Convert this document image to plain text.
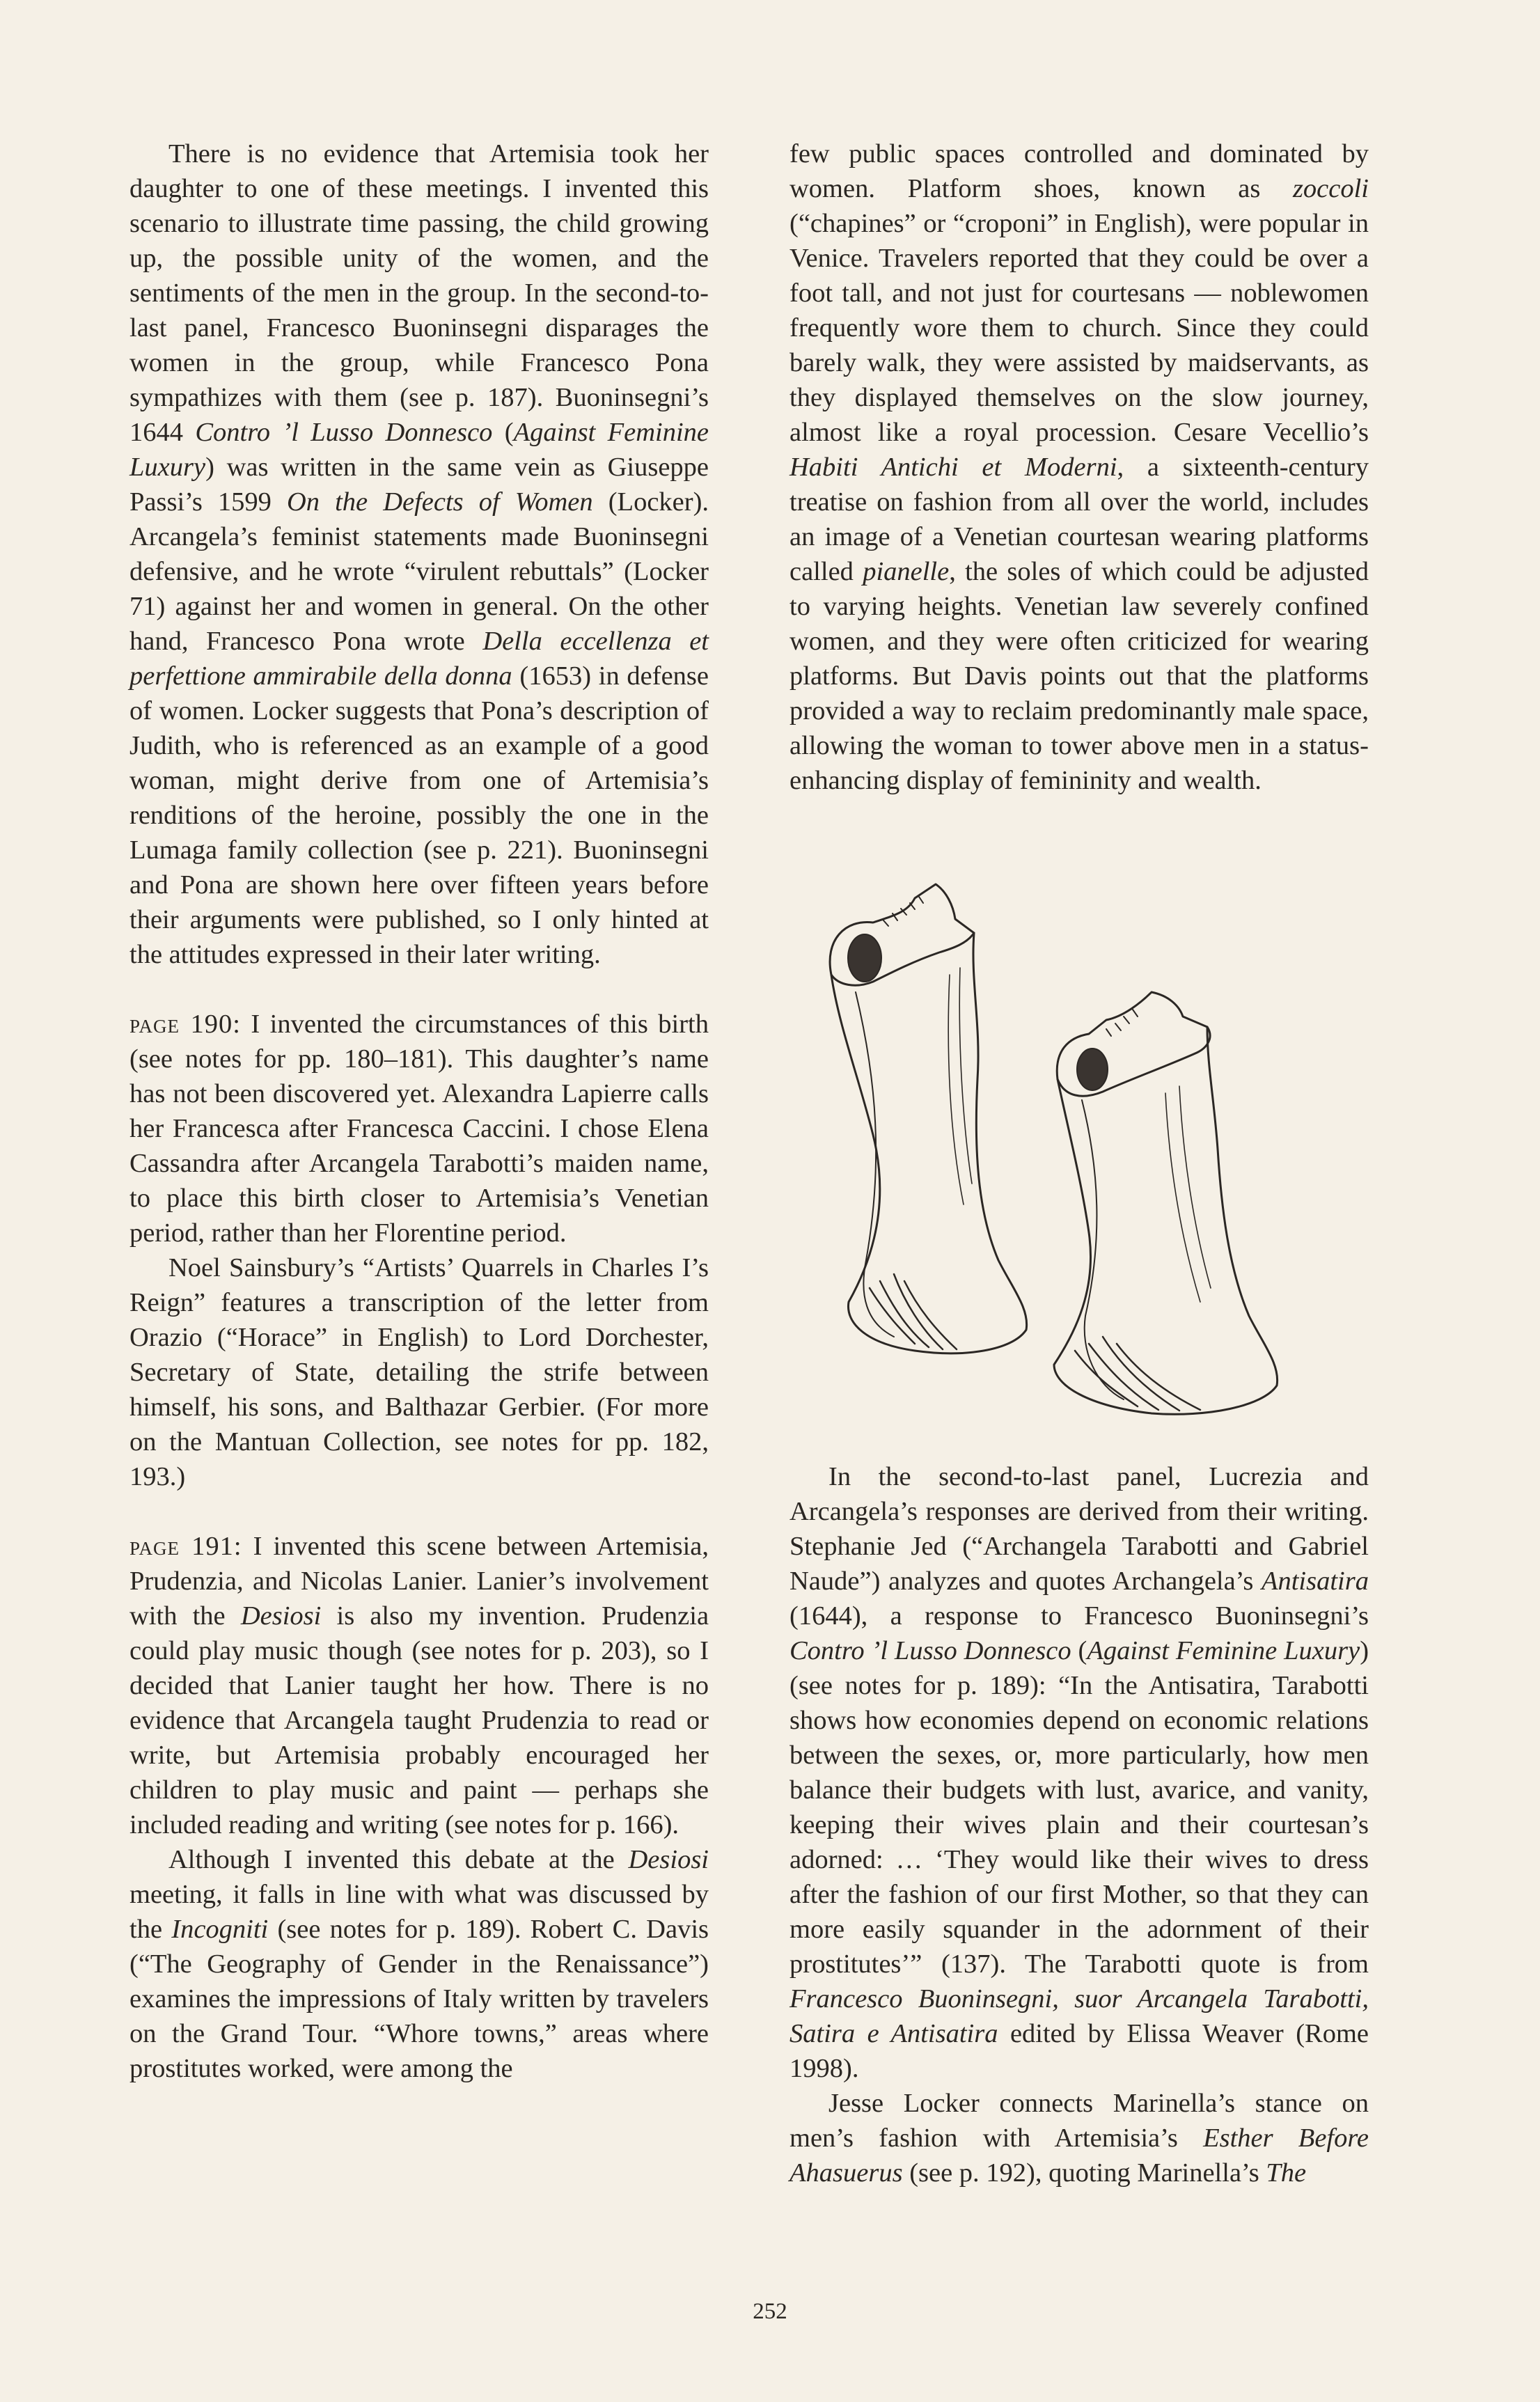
There is no evidence that Artemisia took her daughter to one of these meetings. I invented this scenario to illustrate time passing, the child growing up, the possible unity of the women, and the sentiments of the men in the group. In the second-to-last panel, Francesco Buoninsegni disparages the women in the group, while Francesco Pona sympathizes with them (see p. 187). Buoninsegni’s 1644 Contro ’l Lusso Donnesco (Against Feminine Luxury) was written in the same vein as Giuseppe Passi’s 1599 On the Defects of Women (Locker). Arcangela’s feminist statements made Buoninsegni defensive, and he wrote “virulent rebuttals” (Locker 71) against her and women in general. On the other hand, Francesco Pona wrote Della eccellenza et perfettione ammirabile della donna (1653) in defense of women. Locker suggests that Pona’s description of Judith, who is referenced as an example of a good woman, might derive from one of Artemisia’s renditions of the heroine, possibly the one in the Lumaga family collection (see p. 221). Buoninsegni and Pona are shown here over fifteen years before their arguments were published, so I only hinted at the attitudes expressed in their later writing.

page 190: I invented the circumstances of this birth (see notes for pp. 180–181). This daughter’s name has not been discovered yet. Alexandra Lapierre calls her Francesca after Francesca Caccini. I chose Elena Cassandra after Arcangela Tarabotti’s maiden name, to place this birth closer to Artemisia’s Venetian period, rather than her Florentine period.

Noel Sainsbury’s “Artists’ Quarrels in Charles I’s Reign” features a transcription of the letter from Orazio (“Horace” in English) to Lord Dorchester, Secretary of State, detailing the strife between himself, his sons, and Balthazar Gerbier. (For more on the Mantuan Collection, see notes for pp. 182, 193.)

page 191: I invented this scene between Artemisia, Prudenzia, and Nicolas Lanier. Lanier’s involvement with the Desiosi is also my invention. Prudenzia could play music though (see notes for p. 203), so I decided that Lanier taught her how. There is no evidence that Arcangela taught Prudenzia to read or write, but Artemisia probably encouraged her children to play music and paint — perhaps she included reading and writing (see notes for p. 166).

Although I invented this debate at the Desiosi meeting, it falls in line with what was discussed by the Incogniti (see notes for p. 189). Robert C. Davis (“The Geography of Gender in the Renaissance”) examines the impressions of Italy written by travelers on the Grand Tour. “Whore towns,” areas where prostitutes worked, were among the

few public spaces controlled and dominated by women. Platform shoes, known as zoccoli (“chapines” or “croponi” in English), were popular in Venice. Travelers reported that they could be over a foot tall, and not just for courtesans — noblewomen frequently wore them to church. Since they could barely walk, they were assisted by maidservants, as they displayed themselves on the slow journey, almost like a royal procession. Cesare Vecellio’s Habiti Antichi et Moderni, a sixteenth-century treatise on fashion from all over the world, includes an image of a Venetian courtesan wearing platforms called pianelle, the soles of which could be adjusted to varying heights. Venetian law severely confined women, and they were often criticized for wearing platforms. But Davis points out that the platforms provided a way to reclaim predominantly male space, allowing the woman to tower above men in a status-enhancing display of femininity and wealth.

In the second-to-last panel, Lucrezia and Arcangela’s responses are derived from their writing. Stephanie Jed (“Archangela Tarabotti and Gabriel Naude”) analyzes and quotes Archangela’s Antisatira (1644), a response to Francesco Buoninsegni’s Contro ’l Lusso Donnesco (Against Feminine Luxury) (see notes for p. 189): “In the Antisatira, Tarabotti shows how economies depend on economic relations between the sexes, or, more particularly, how men balance their budgets with lust, avarice, and vanity, keeping their wives plain and their courtesan’s adorned: … ‘They would like their wives to dress after the fashion of our first Mother, so that they can more easily squander in the adornment of their prostitutes’” (137). The Tarabotti quote is from Francesco Buoninsegni, suor Arcangela Tarabotti, Satira e Antisatira edited by Elissa Weaver (Rome 1998).

Jesse Locker connects Marinella’s stance on men’s fashion with Artemisia’s Esther Before Ahasuerus (see p. 192), quoting Marinella’s The

252
